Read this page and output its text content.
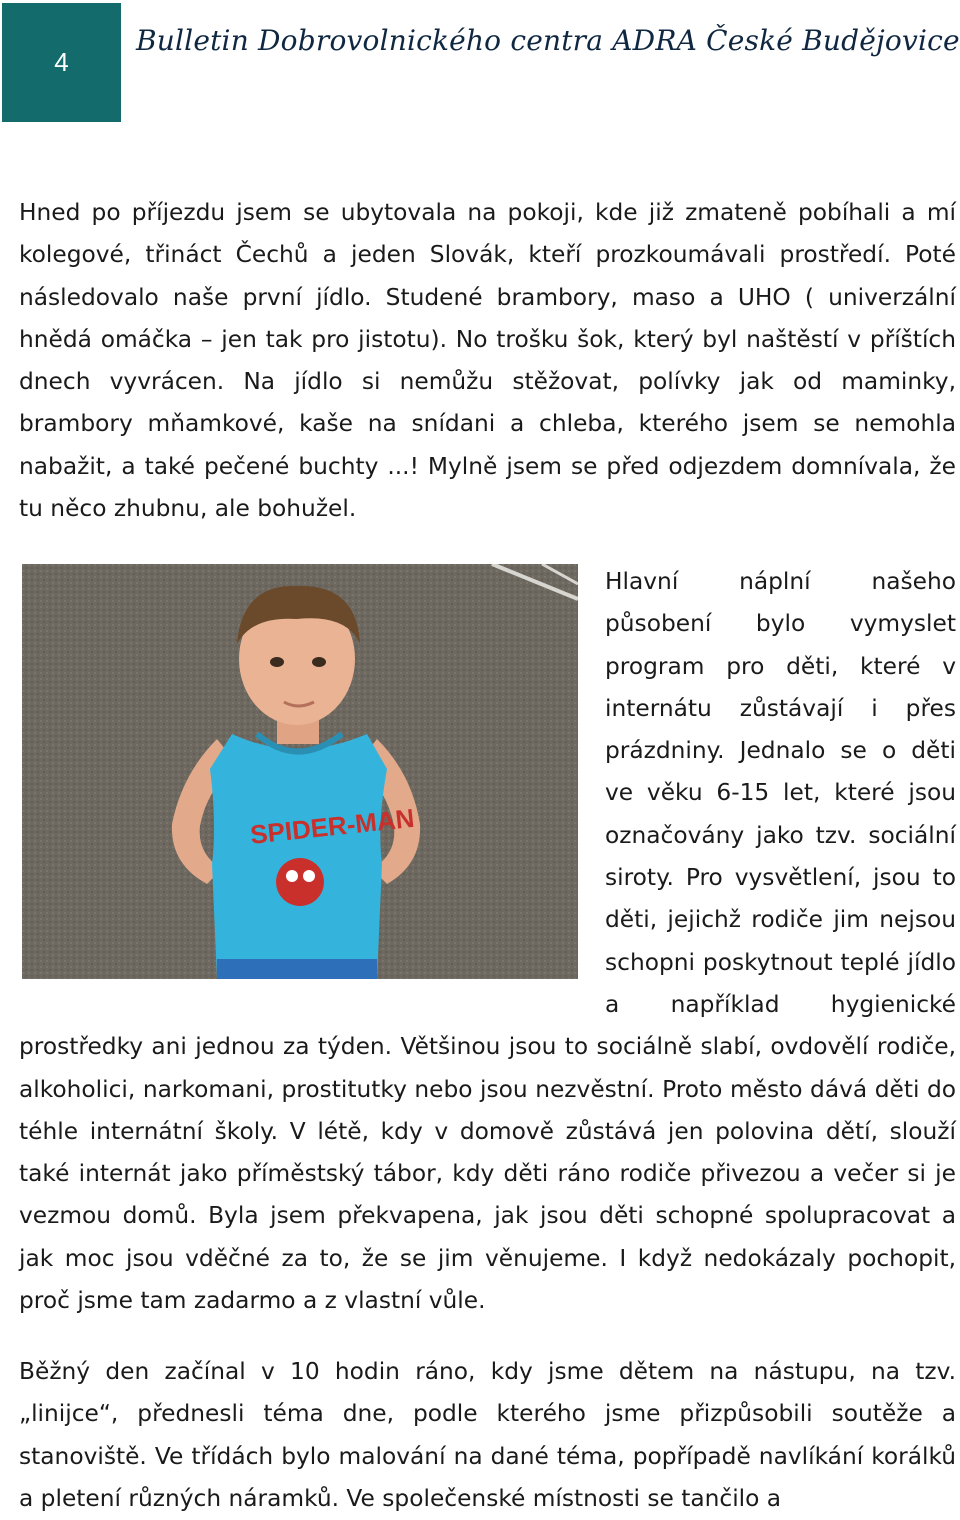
4
Bulletin Dobrovolnického centra ADRA České Budějovice

Hned po příjezdu jsem se ubytovala na pokoji, kde již zmateně pobíhali a mí kolegové, třináct Čechů a jeden Slovák, kteří prozkoumávali prostředí. Poté následovalo naše první jídlo. Studené brambory, maso a UHO ( univerzální hnědá omáčka – jen tak pro jistotu). No trošku šok, který byl naštěstí v příštích dnech vyvrácen. Na jídlo si nemůžu stěžovat, polívky jak od maminky, brambory mňamkové, kaše na snídani a chleba, kterého jsem se nemohla nabažit, a také pečené buchty ...! Mylně jsem se před odjezdem domnívala, že tu něco zhubnu, ale bohužel.

SPIDER-MAN

Hlavní náplní našeho působení bylo vymyslet program pro děti, které v internátu zůstávají i přes prázdniny. Jednalo se o děti ve věku 6-15 let, které jsou označovány jako tzv. sociální siroty. Pro vysvětlení, jsou to děti, jejichž rodiče jim nejsou schopni poskytnout teplé jídlo a například hygienické prostředky ani jednou za týden. Většinou jsou to sociálně slabí, ovdovělí rodiče, alkoholici, narkomani, prostitutky nebo jsou nezvěstní. Proto město dává děti do téhle internátní školy. V létě, kdy v domově zůstává jen polovina dětí, slouží také internát jako příměstský tábor, kdy děti ráno rodiče přivezou a večer si je vezmou domů. Byla jsem překvapena, jak jsou děti schopné spolupracovat a jak moc jsou vděčné za to, že se jim věnujeme. I když nedokázaly pochopit, proč jsme tam zadarmo a z vlastní vůle.

Běžný den začínal v 10 hodin ráno, kdy jsme dětem na nástupu, na tzv. „linijce“, přednesli téma dne, podle kterého jsme přizpůsobili soutěže a stanoviště. Ve třídách bylo malování na dané téma, popřípadě navlíkání korálků a pletení různých náramků. Ve společenské místnosti se tančilo a
